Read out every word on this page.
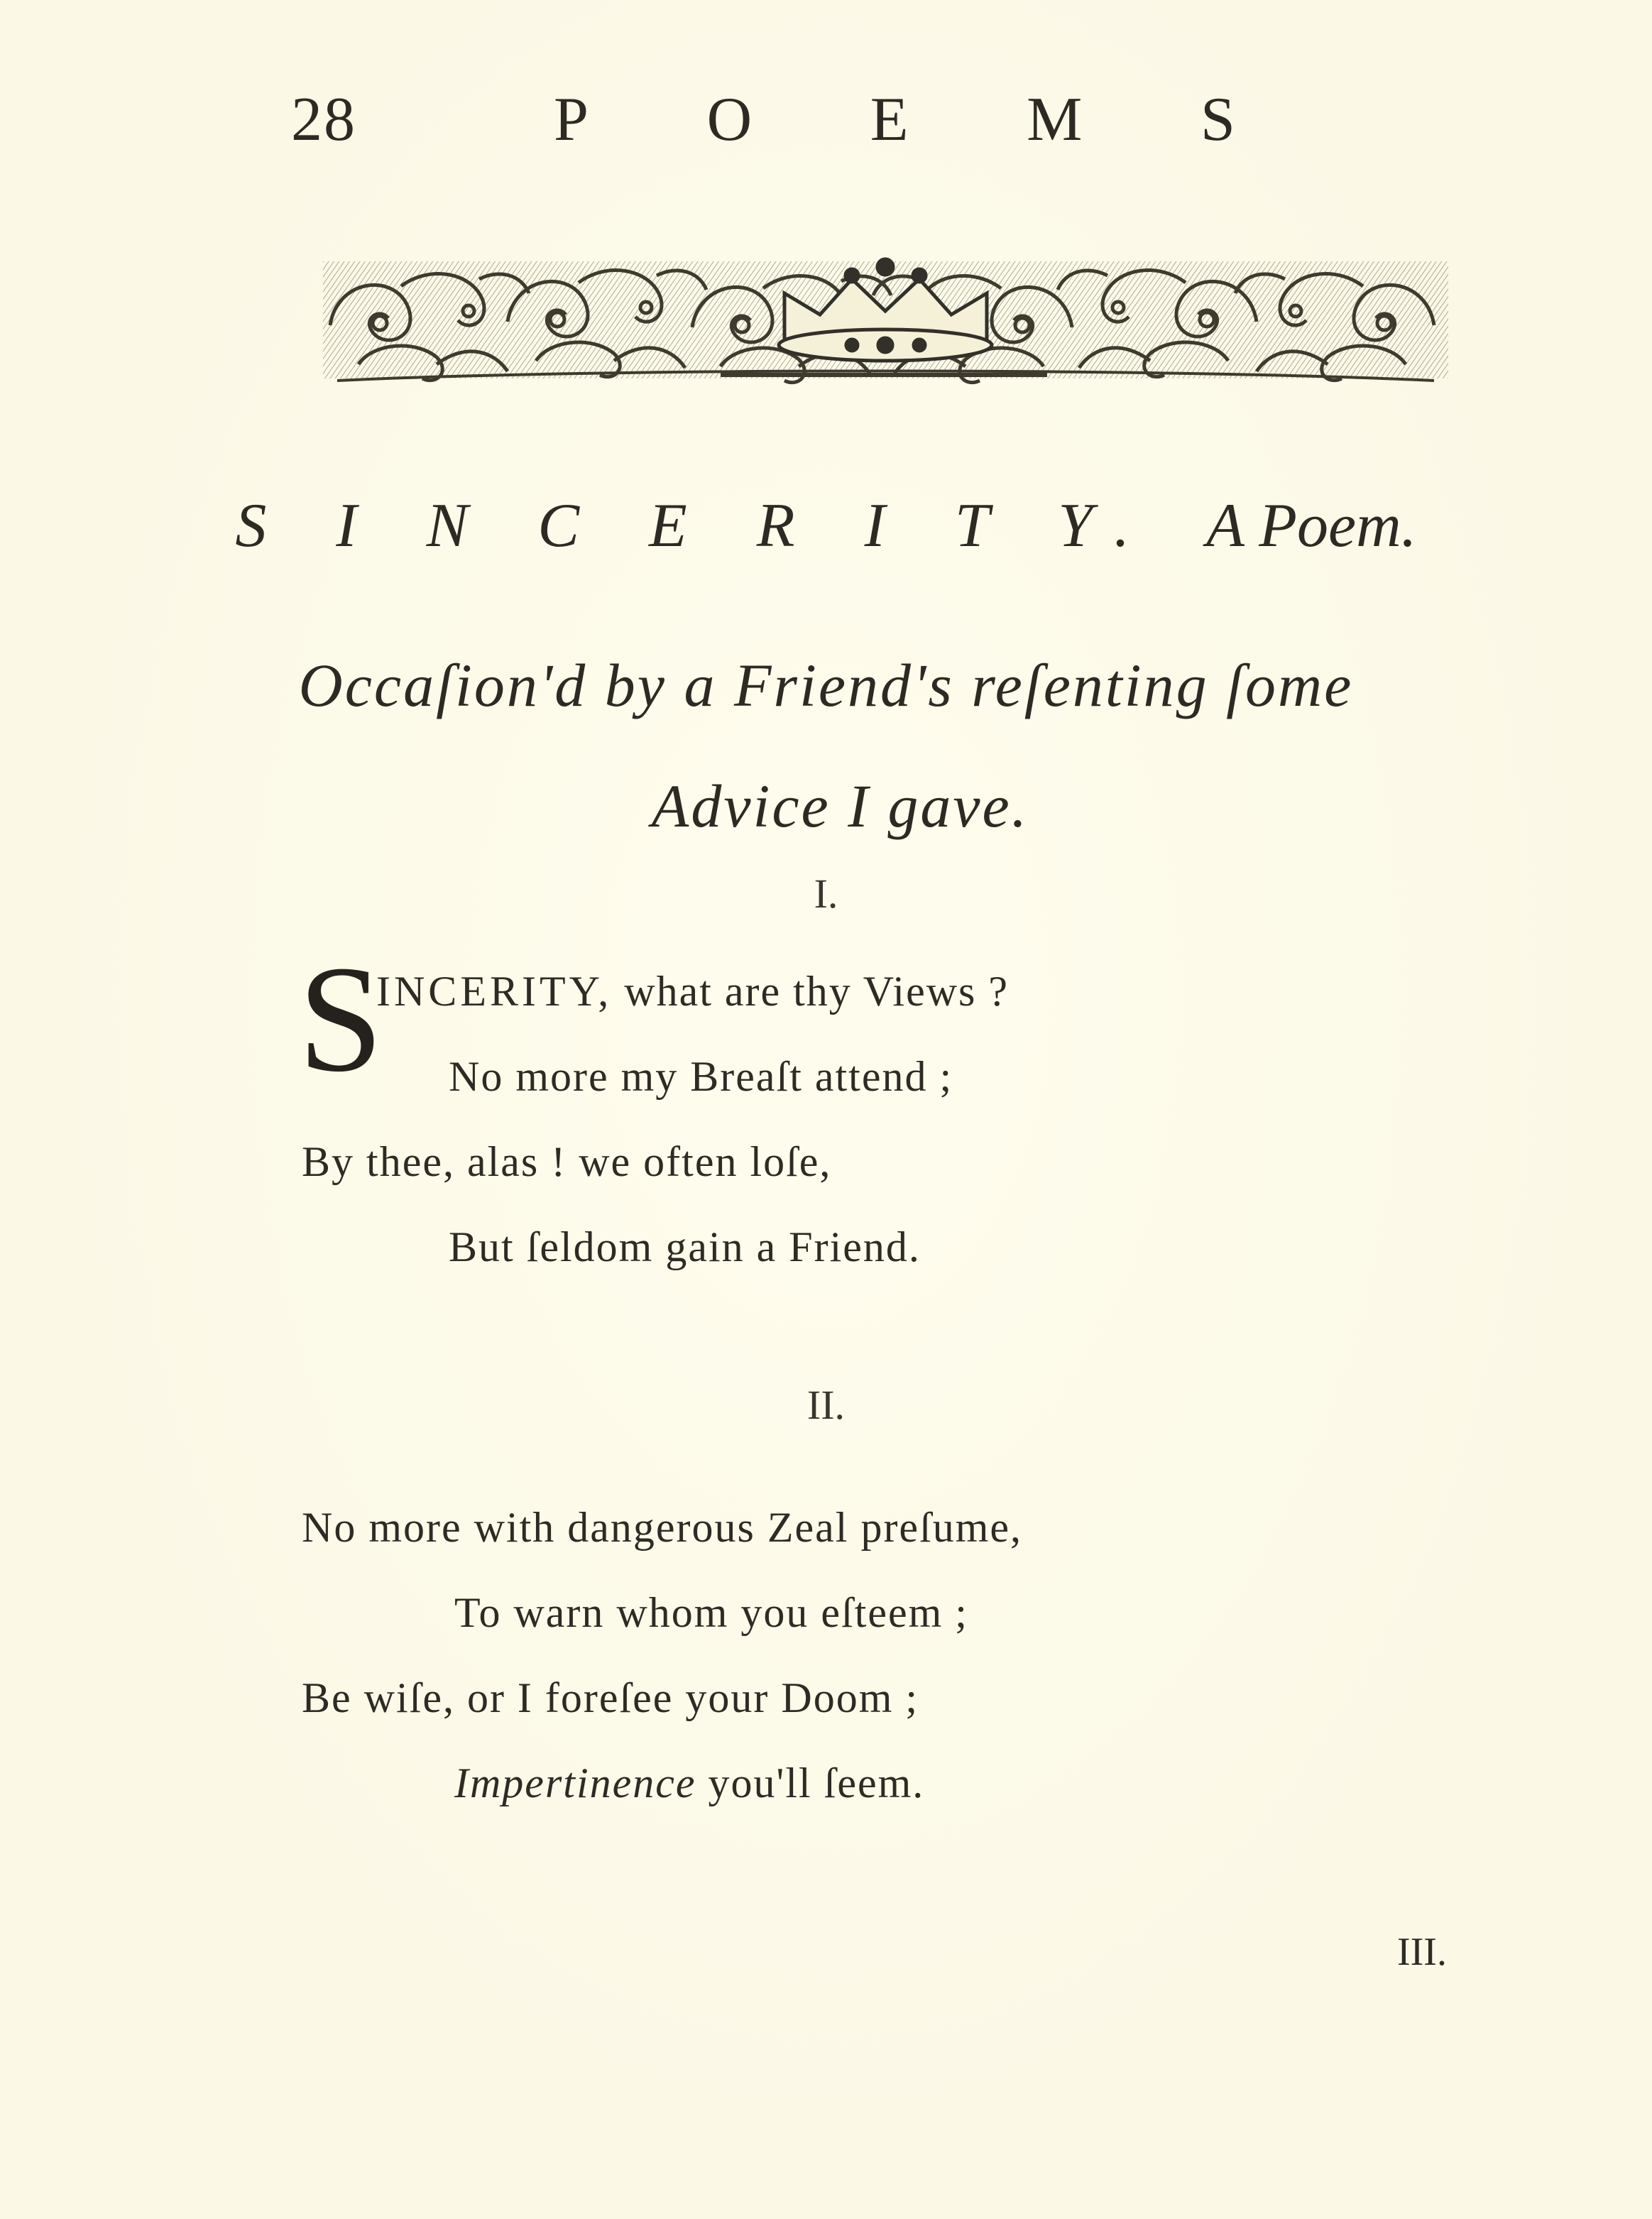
28	P O E M S
S I N C E R I T Y. A Poem.
Occaſion'd by a Friend's reſenting ſome
Advice I gave.
I.
S
INCERITY, what are thy Views ?
No more my Breaſt attend ;
By thee, alas ! we often loſe,
But ſeldom gain a Friend.
II.
No more with dangerous Zeal preſume,
To warn whom you eſteem ;
Be wiſe, or I foreſee your Doom ;
Impertinence you'll ſeem.
III.
